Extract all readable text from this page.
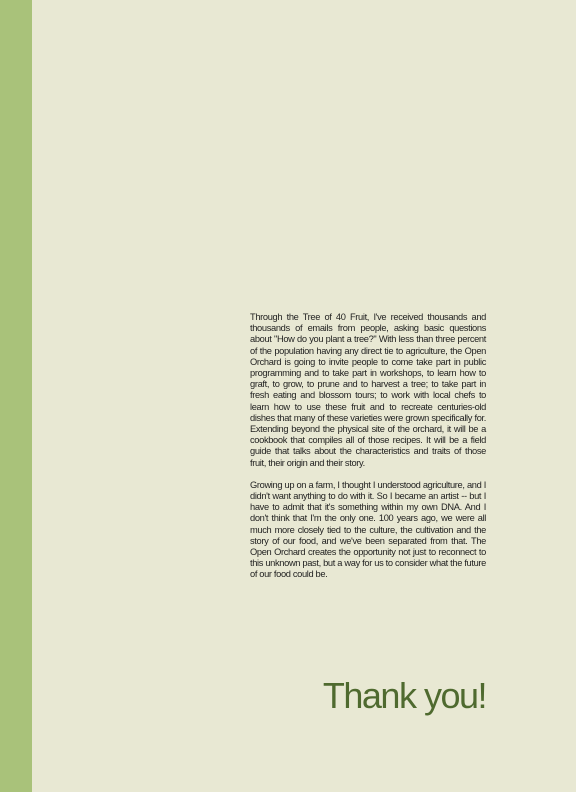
Through the Tree of 40 Fruit, I've received thousands and thousands of emails from people, asking basic questions about "How do you plant a tree?" With less than three percent of the population having any direct tie to agriculture, the Open Orchard is going to invite people to come take part in public programming and to take part in workshops, to learn how to graft, to grow, to prune and to harvest a tree; to take part in fresh eating and blossom tours; to work with local chefs to learn how to use these fruit and to recreate centuries-old dishes that many of these varieties were grown specifically for. Extending beyond the physical site of the orchard, it will be a cookbook that compiles all of those recipes. It will be a field guide that talks about the characteristics and traits of those fruit, their origin and their story.

Growing up on a farm, I thought I understood agriculture, and I didn't want anything to do with it. So I became an artist -- but I have to admit that it's something within my own DNA. And I don't think that I'm the only one. 100 years ago, we were all much more closely tied to the culture, the cultivation and the story of our food, and we've been separated from that. The Open Orchard creates the opportunity not just to reconnect to this unknown past, but a way for us to consider what the future of our food could be.

Thank you!
